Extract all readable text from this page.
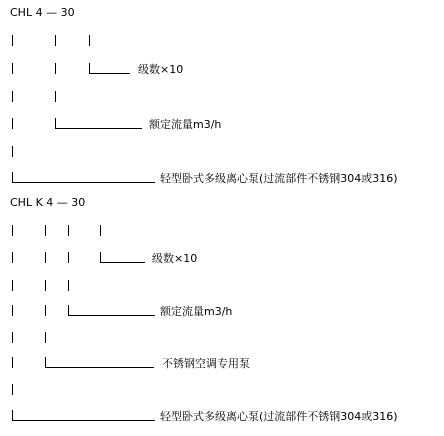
CHL 4 — 30
级数×10
额定流量m3/h
轻型卧式多级离心泵(过流部件不锈钢304或316)
CHL K 4 — 30
级数×10
额定流量m3/h
不锈钢空调专用泵
轻型卧式多级离心泵(过流部件不锈钢304或316)
